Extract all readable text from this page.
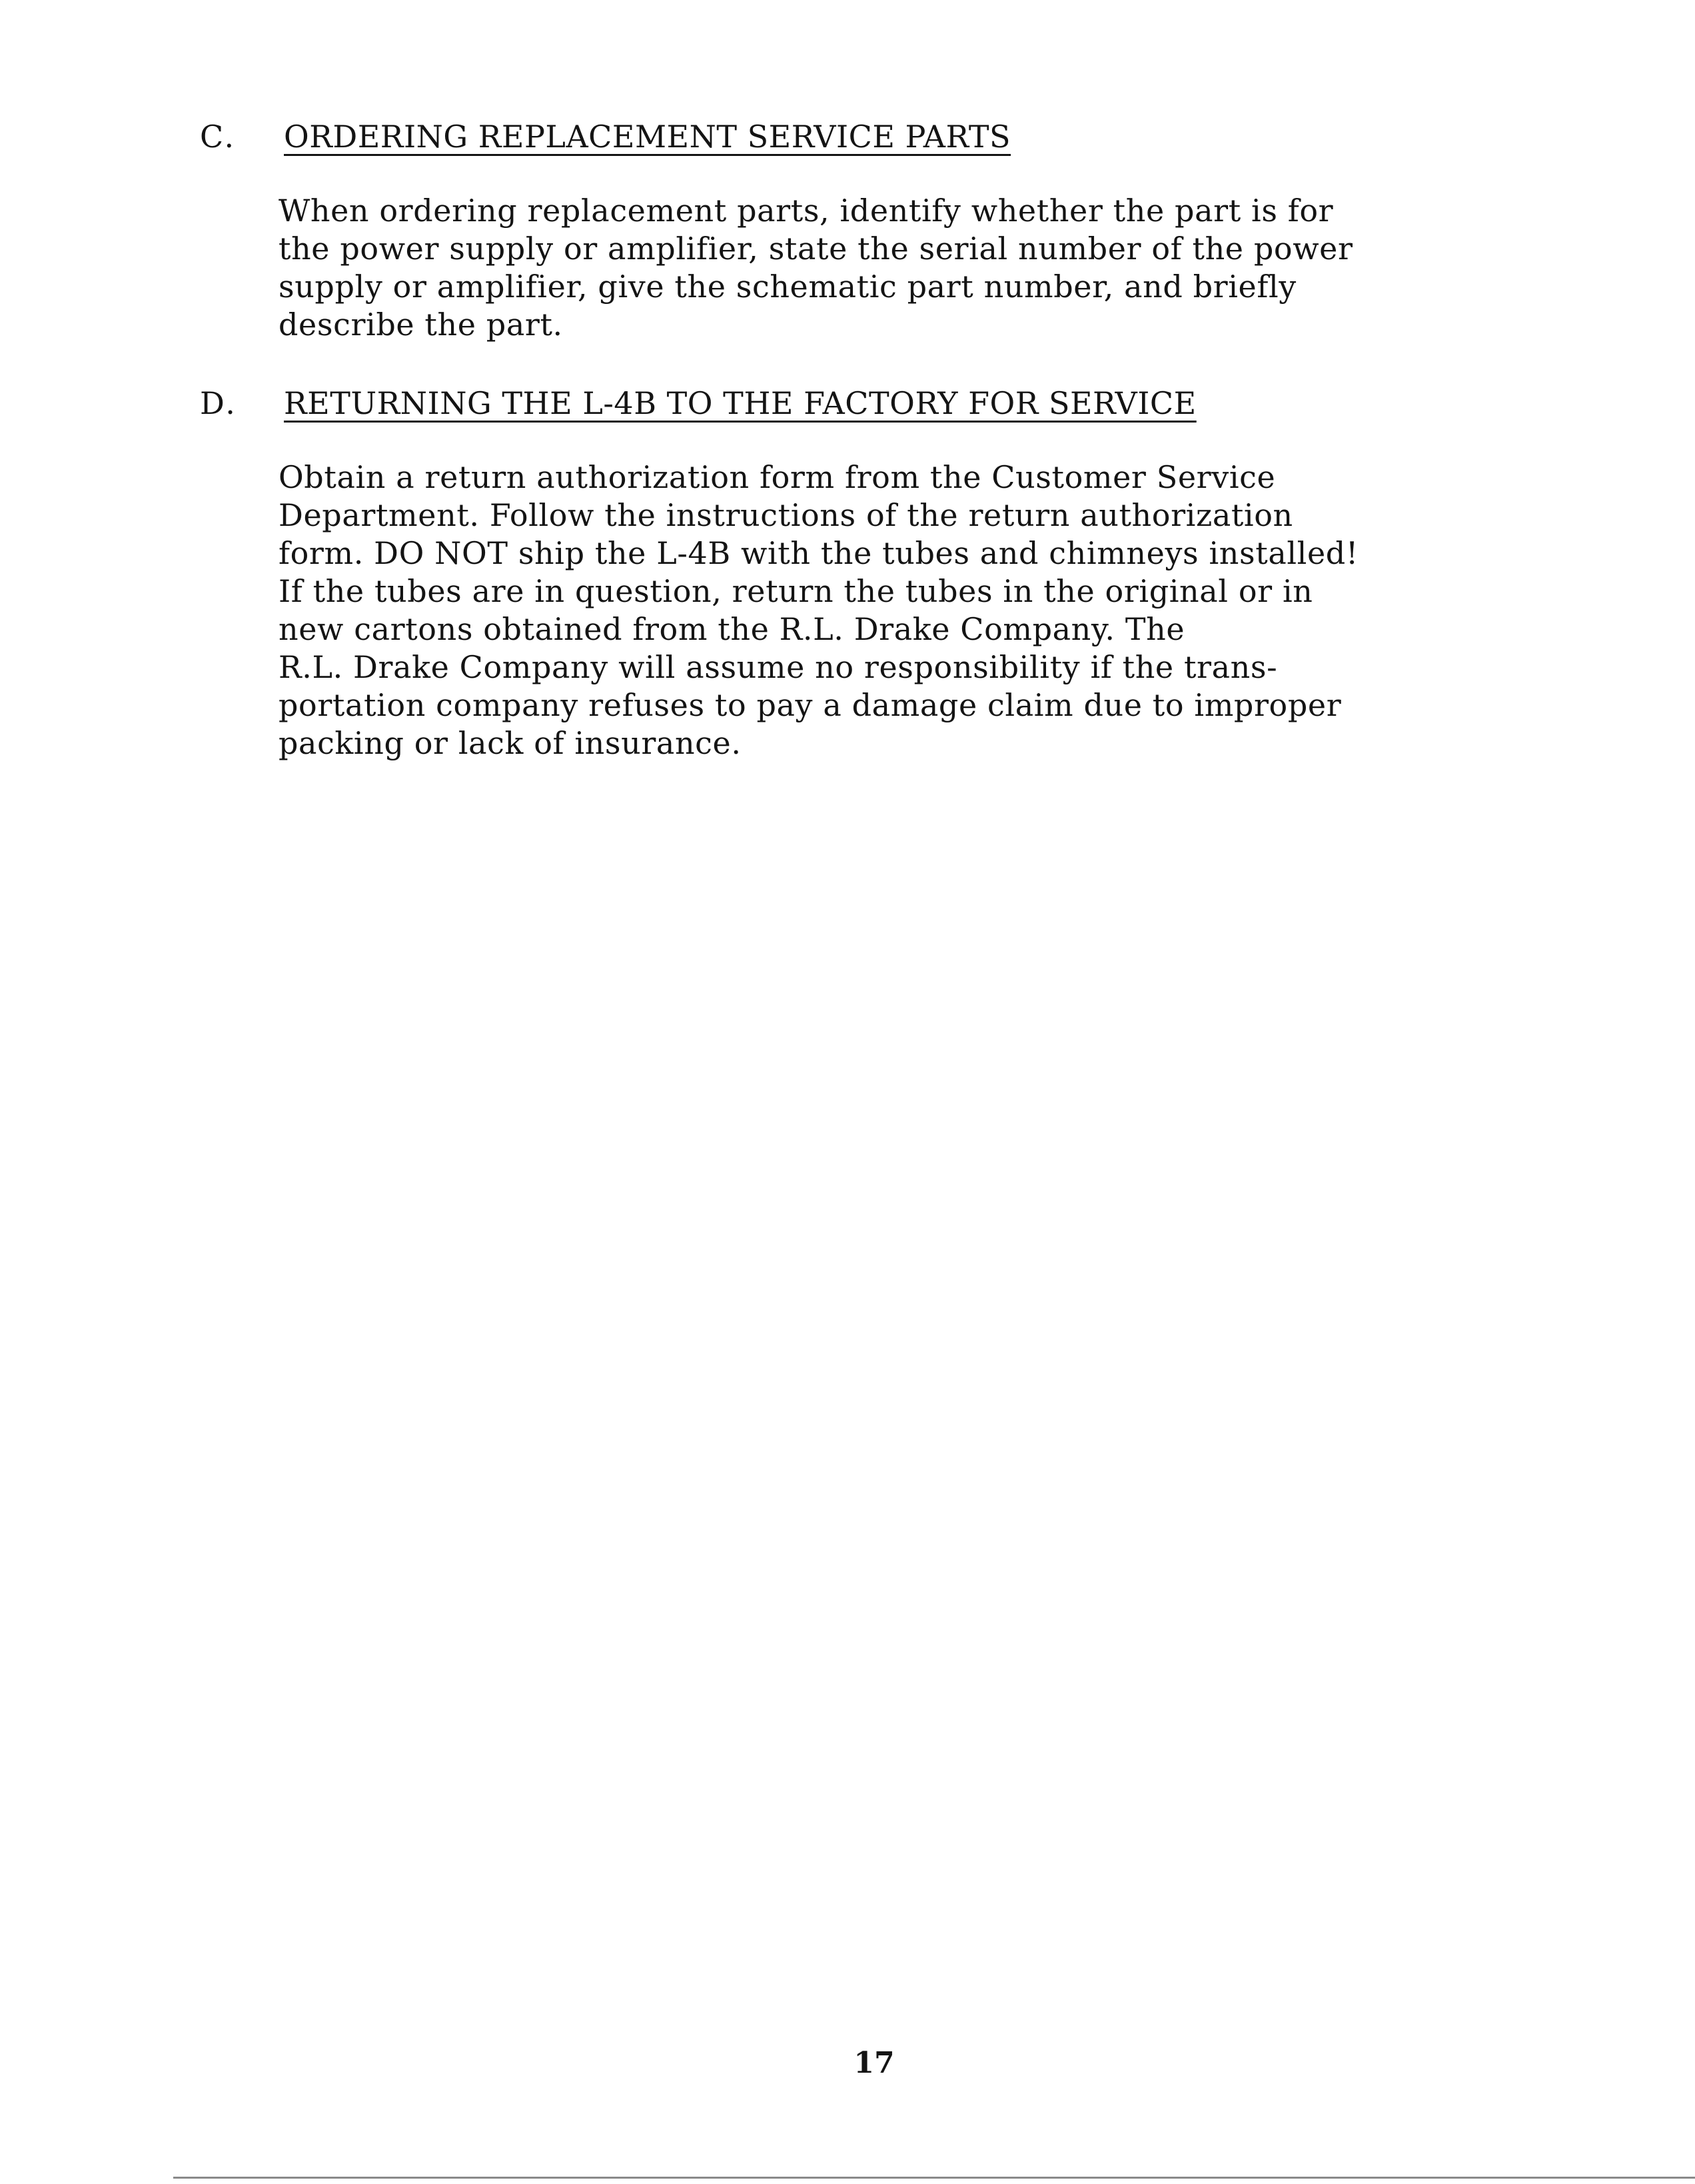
C. ORDERING REPLACEMENT SERVICE PARTS
When ordering replacement parts, identify whether the part is for
the power supply or amplifier, state the serial number of the power
supply or amplifier, give the schematic part number, and briefly
describe the part.
D. RETURNING THE L-4B TO THE FACTORY FOR SERVICE
Obtain a return authorization form from the Customer Service
Department. Follow the instructions of the return authorization
form. DO NOT ship the L-4B with the tubes and chimneys installed!
If the tubes are in question, return the tubes in the original or in
new cartons obtained from the R.L. Drake Company. The
R.L. Drake Company will assume no responsibility if the trans-
portation company refuses to pay a damage claim due to improper
packing or lack of insurance.
17
